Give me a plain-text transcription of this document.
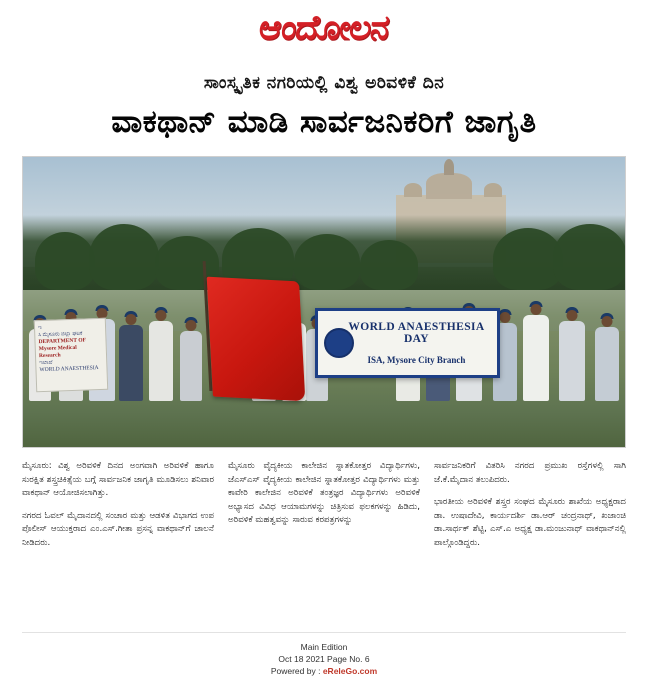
ಆಂದೋಲನ
ಸಾಂಸ್ಕೃತಿಕ ನಗರಿಯಲ್ಲಿ ವಿಶ್ವ ಅರಿವಳಿಕೆ ದಿನ
ವಾಕಥಾನ್ ಮಾಡಿ ಸಾರ್ವಜನಿಕರಿಗೆ ಜಾಗೃತಿ
ಇ
ಸಿ ಮೈಸೂರು ಜಿಲ್ಲಾ ಘಟಕ
DEPARTMENT OF
Mysore Medical
Research
ಇಲಾಖೆ
WORLD ANAESTHESIA
WORLD ANAESTHESIA DAY
ISA, Mysore City Branch

ಮೈಸೂರು: ವಿಶ್ವ ಅರಿವಳಿಕೆ ದಿನದ ಅಂಗವಾಗಿ ಅರಿವಳಿಕೆ ಹಾಗೂ ಸುರಕ್ಷಿತ ಶಸ್ತ್ರಚಿಕಿತ್ಸೆಯ ಬಗ್ಗೆ ಸಾರ್ವಜನಿಕ ಜಾಗೃತಿ ಮೂಡಿಸಲು ಶನಿವಾರ ವಾಕಥಾನ್ ಆಯೋಜಿಸಲಾಗಿತ್ತು.

ನಗರದ ಓವಲ್ ಮೈದಾನದಲ್ಲಿ ಸಂಚಾರ ಮತ್ತು ಆಡಳಿತ ವಿಭಾಗದ ಉಪ ಪೊಲೀಸ್ ಆಯುಕ್ತರಾದ ಎಂ.ಎಸ್.ಗೀತಾ ಪ್ರಸನ್ನ ವಾಕಥಾನ್‌ಗೆ ಚಾಲನೆ ನೀಡಿದರು.

ಮೈಸೂರು ವೈದ್ಯಕೀಯ ಕಾಲೇಜಿನ ಸ್ನಾತಕೋತ್ತರ ವಿದ್ಯಾರ್ಥಿಗಳು, ಜೆಎಸ್ಎಸ್ ವೈದ್ಯಕೀಯ ಕಾಲೇಜಿನ ಸ್ನಾತಕೋತ್ತರ ವಿದ್ಯಾರ್ಥಿಗಳು ಮತ್ತು ಕಾವೇರಿ ಕಾಲೇಜಿನ ಅರಿವಳಿಕೆ ತಂತ್ರಜ್ಞರ ವಿದ್ಯಾರ್ಥಿಗಳು ಅರಿವಳಿಕೆ ಅಭ್ಯಾಸದ ವಿವಿಧ ಆಯಾಮಗಳನ್ನು ಚಿತ್ರಿಸುವ ಫಲಕಗಳನ್ನು ಹಿಡಿದು, ಅರಿವಳಿಕೆ ಮಹತ್ವವನ್ನು ಸಾರುವ ಕರಪತ್ರಗಳನ್ನು

ಸಾರ್ವಜನಿಕರಿಗೆ ವಿತರಿಸಿ ನಗರದ ಪ್ರಮುಖ ರಸ್ತೆಗಳಲ್ಲಿ ಸಾಗಿ ಜೆ.ಕೆ.ಮೈದಾನ ತಲುಪಿದರು.

ಭಾರತೀಯ ಅರಿವಳಿಕೆ ಶಸ್ತ್ರರ ಸಂಘದ ಮೈಸೂರು ಶಾಖೆಯ ಅಧ್ಯಕ್ಷರಾದ ಡಾ. ಉಷಾದೇವಿ, ಕಾರ್ಯದರ್ಶಿ ಡಾ.ಆರ್ ಚಂದ್ರನಾಥ್, ಖಜಾಂಚಿ ಡಾ.ಸಾರ್ಥಕ್ ಶೆಟ್ಟಿ, ಎಸ್.ಎ ಅಧ್ಯಕ್ಷ ಡಾ.ಮಂಜುನಾಥ್ ವಾಕಥಾನ್‌ನಲ್ಲಿ ಪಾಲ್ಗೊಂಡಿದ್ದರು.

Main Edition
Oct 18 2021 Page No. 6
Powered by : eReleGo.com
